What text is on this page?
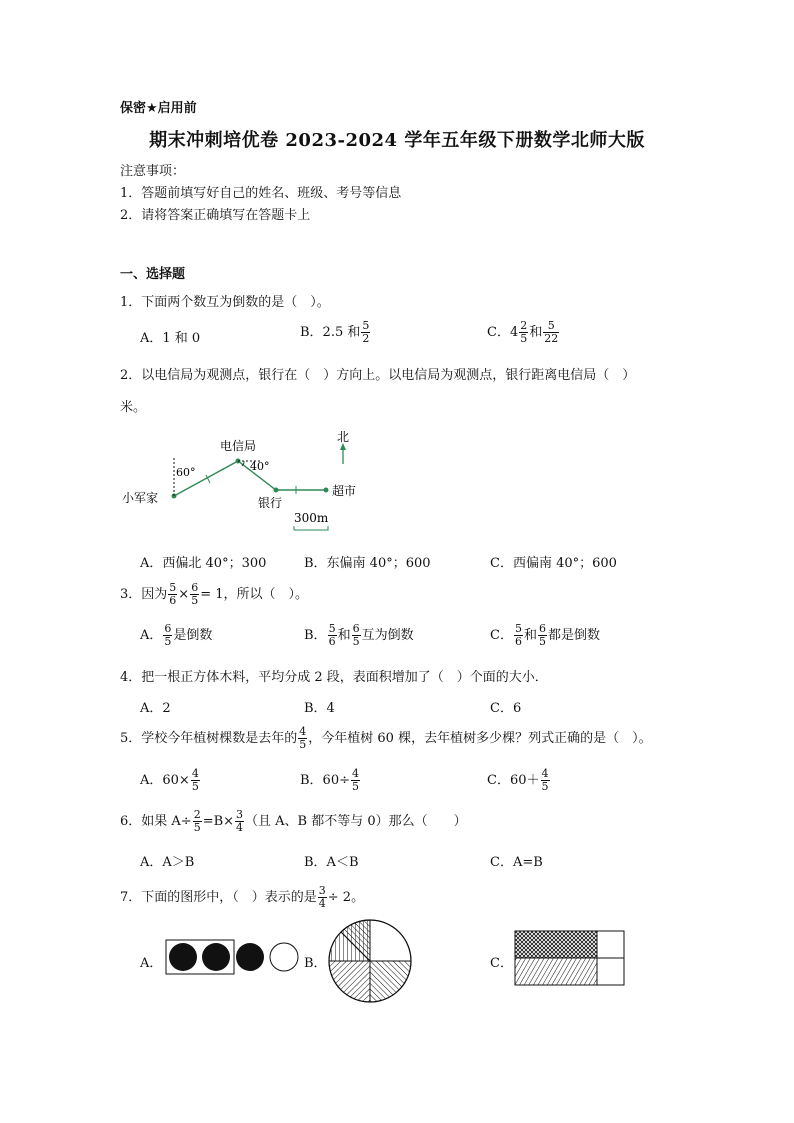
保密★启用前
期末冲刺培优卷 2023-2024 学年五年级下册数学北师大版
注意事项：
1．答题前填写好自己的姓名、班级、考号等信息
2．请将答案正确填写在答题卡上
一、选择题
1．下面两个数互为倒数的是（　）。
A．1 和 0	B．2.5 和 $\frac{5}{2}$	C．$4 \frac{2}{5}$ 和 $\frac{5}{22}$
2．以电信局为观测点，银行在（　）方向上。以电信局为观测点，银行距离电信局（　）
米。
60°	40°
电信局
小军家	银行
超市
北
300m
A．西偏北 40°；300	B．东偏南 40°；600	C．西偏南 40°；600
3．因为 $\frac{5}{6} \times \frac{6}{5} = 1$，所以（　）。
A． $\frac{6}{5}$ 是倒数	B． $\frac{5}{6}$ 和 $\frac{6}{5}$ 互为倒数	C． $\frac{5}{6}$ 和 $\frac{6}{5}$ 都是倒数
4．把一根正方体木料，平均分成 2 段，表面积增加了（　）个面的大小．
A．2	B．4	C．6
5．学校今年植树棵数是去年的 $\frac{4}{5}$ ，今年植树 60 棵，去年植树多少棵？列式正确的是（　）。
A．$60\times \frac{4}{5}$	B．$60\div \frac{4}{5}$	C．$60+ \frac{4}{5}$
6．如果 $A\div \frac{2}{5} =B\times \frac{3}{4}$ （且 A、B 都不等与 0）那么（　　）
A．A＞B	B．A＜B	C．A=B
7．下面的图形中，（　）表示的是 $\frac{3}{4} \div 2$。
A．	B．	C．
